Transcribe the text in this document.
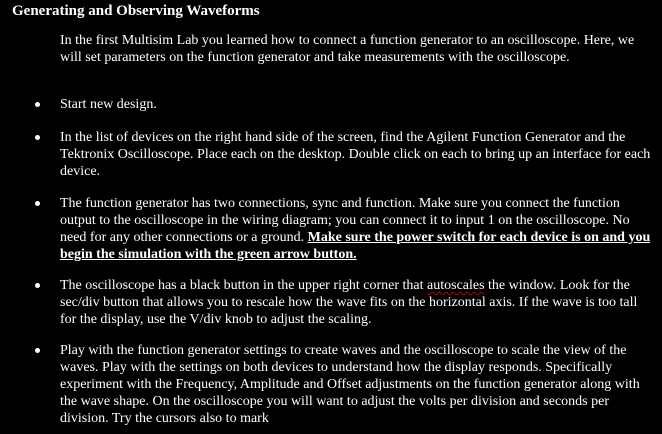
Generating and Observing Waveforms
In the first Multisim Lab you learned how to connect a function generator to an oscilloscope. Here, we will set parameters on the function generator and take measurements with the oscilloscope.
Start new design.
In the list of devices on the right hand side of the screen, find the Agilent Function Generator and the Tektronix Oscilloscope. Place each on the desktop. Double click on each to bring up an interface for each device.
The function generator has two connections, sync and function. Make sure you connect the function output to the oscilloscope in the wiring diagram; you can connect it to input 1 on the oscilloscope. No need for any other connections or a ground. Make sure the power switch for each device is on and you begin the simulation with the green arrow button.
The oscilloscope has a black button in the upper right corner that autoscales the window. Look for the sec/div button that allows you to rescale how the wave fits on the horizontal axis. If the wave is too tall for the display, use the V/div knob to adjust the scaling.
Play with the function generator settings to create waves and the oscilloscope to scale the view of the waves. Play with the settings on both devices to understand how the display responds. Specifically experiment with the Frequency, Amplitude and Offset adjustments on the function generator along with the wave shape. On the oscilloscope you will want to adjust the volts per division and seconds per division. Try the cursors also to mark
